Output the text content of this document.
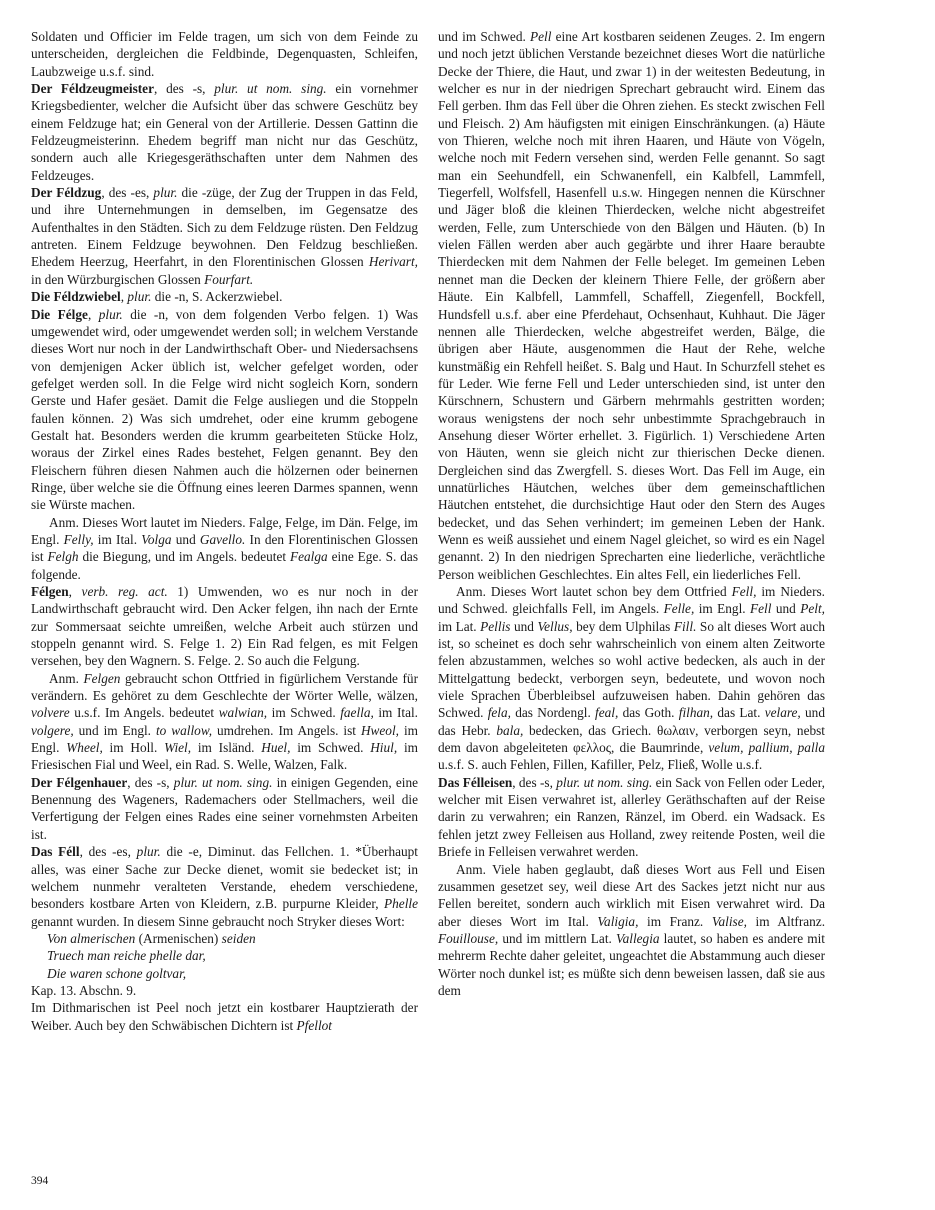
Soldaten und Officier im Felde tragen, um sich von dem Feinde zu unterscheiden, dergleichen die Feldbinde, Degenquasten, Schleifen, Laubzweige u.s.f. sind.

Der Féldzeugmeister, des -s, plur. ut nom. sing. ein vornehmer Kriegsbedienter, welcher die Aufsicht über das schwere Geschütz bey einem Feldzuge hat; ein General von der Artillerie. Dessen Gattinn die Feldzeugmeisterinn. Ehedem begriff man nicht nur das Geschütz, sondern auch alle Kriegesgeräthschaften unter dem Nahmen des Feldzeuges.

Der Féldzug, des -es, plur. die -züge, der Zug der Truppen in das Feld, und ihre Unternehmungen in demselben, im Gegensatze des Aufenthaltes in den Städten. Sich zu dem Feldzuge rüsten. Den Feldzug antreten. Einem Feldzuge beywohnen. Den Feldzug beschließen. Ehedem Heerzug, Heerfahrt, in den Florentinischen Glossen Herivart, in den Würzburgischen Glossen Fourfart.

Die Féldzwiebel, plur. die -n, S. Ackerzwiebel.

Die Félge, plur. die -n, von dem folgenden Verbo felgen. 1) Was umgewendet wird, oder umgewendet werden soll; in welchem Verstande dieses Wort nur noch in der Landwirthschaft Ober- und Niedersachsens von demjenigen Acker üblich ist, welcher gefelget worden, oder gefelget werden soll. In die Felge wird nicht sogleich Korn, sondern Gerste und Hafer gesäet. Damit die Felge ausliegen und die Stoppeln faulen können. 2) Was sich umdrehet, oder eine krumm gebogene Gestalt hat. Besonders werden die krumm gearbeiteten Stücke Holz, woraus der Zirkel eines Rades bestehet, Felgen genannt. Bey den Fleischern führen diesen Nahmen auch die hölzernen oder beinernen Ringe, über welche sie die Öffnung eines leeren Darmes spannen, wenn sie Würste machen.

Anm. Dieses Wort lautet im Nieders. Falge, Felge, im Dän. Felge, im Engl. Felly, im Ital. Volga und Gavello. In den Florentinischen Glossen ist Felgh die Biegung, und im Angels. bedeutet Fealga eine Ege. S. das folgende.

Félgen, verb. reg. act. 1) Umwenden, wo es nur noch in der Landwirthschaft gebraucht wird. Den Acker felgen, ihn nach der Ernte zur Sommersaat seichte umreißen, welche Arbeit auch stürzen und stoppeln genannt wird. S. Felge 1. 2) Ein Rad felgen, es mit Felgen versehen, bey den Wagnern. S. Felge. 2. So auch die Felgung.

Anm. Felgen gebraucht schon Ottfried in figürlichem Verstande für verändern. Es gehöret zu dem Geschlechte der Wörter Welle, wälzen, volvere u.s.f. Im Angels. bedeutet walwian, im Schwed. faella, im Ital. volgere, und im Engl. to wallow, umdrehen. Im Angels. ist Hweol, im Engl. Wheel, im Holl. Wiel, im Isländ. Huel, im Schwed. Hiul, im Friesischen Fial und Weel, ein Rad. S. Welle, Walzen, Falk.

Der Félgenhauer, des -s, plur. ut nom. sing. in einigen Gegenden, eine Benennung des Wageners, Rademachers oder Stellmachers, weil die Verfertigung der Felgen eines Rades eine seiner vornehmsten Arbeiten ist.

Das Féll, des -es, plur. die -e, Diminut. das Fellchen. 1. *Überhaupt alles, was einer Sache zur Decke dienet, womit sie bedecket ist; in welchem nunmehr veralteten Verstande, ehedem verschiedene, besonders kostbare Arten von Kleidern, z.B. purpurne Kleider, Phelle genannt wurden. In diesem Sinne gebraucht noch Stryker dieses Wort:

Von almerischen (Armenischen) seiden

Truech man reiche phelle dar,

Die waren schone goltvar,

Kap. 13. Abschn. 9.

Im Dithmarischen ist Peel noch jetzt ein kostbarer Hauptzierath der Weiber. Auch bey den Schwäbischen Dichtern ist Pfellot

und im Schwed. Pell eine Art kostbaren seidenen Zeuges. 2. Im engern und noch jetzt üblichen Verstande bezeichnet dieses Wort die natürliche Decke der Thiere, die Haut, und zwar 1) in der weitesten Bedeutung, in welcher es nur in der niedrigen Sprechart gebraucht wird. Einem das Fell gerben. Ihm das Fell über die Ohren ziehen. Es steckt zwischen Fell und Fleisch. 2) Am häufigsten mit einigen Einschränkungen. (a) Häute von Thieren, welche noch mit ihren Haaren, und Häute von Vögeln, welche noch mit Federn versehen sind, werden Felle genannt. So sagt man ein Seehundfell, ein Schwanenfell, ein Kalbfell, Lammfell, Tiegerfell, Wolfsfell, Hasenfell u.s.w. Hingegen nennen die Kürschner und Jäger bloß die kleinen Thierdecken, welche nicht abgestreifet werden, Felle, zum Unterschiede von den Bälgen und Häuten. (b) In vielen Fällen werden aber auch gegärbte und ihrer Haare beraubte Thierdecken mit dem Nahmen der Felle beleget. Im gemeinen Leben nennet man die Decken der kleinern Thiere Felle, der größern aber Häute. Ein Kalbfell, Lammfell, Schaffell, Ziegenfell, Bockfell, Hundsfell u.s.f. aber eine Pferdehaut, Ochsenhaut, Kuhhaut. Die Jäger nennen alle Thierdecken, welche abgestreifet werden, Bälge, die übrigen aber Häute, ausgenommen die Haut der Rehe, welche kunstmäßig ein Rehfell heißet. S. Balg und Haut. In Schurzfell stehet es für Leder. Wie ferne Fell und Leder unterschieden sind, ist unter den Kürschnern, Schustern und Gärbern mehrmahls gestritten worden; woraus wenigstens der noch sehr unbestimmte Sprachgebrauch in Ansehung dieser Wörter erhellet. 3. Figürlich. 1) Verschiedene Arten von Häuten, wenn sie gleich nicht zur thierischen Decke dienen. Dergleichen sind das Zwergfell. S. dieses Wort. Das Fell im Auge, ein unnatürliches Häutchen, welches über dem gemeinschaftlichen Häutchen entstehet, die durchsichtige Haut oder den Stern des Auges bedecket, und das Sehen verhindert; im gemeinen Leben der Hank. Wenn es weiß aussiehet und einem Nagel gleichet, so wird es ein Nagel genannt. 2) In den niedrigen Sprecharten eine liederliche, verächtliche Person weiblichen Geschlechtes. Ein altes Fell, ein liederliches Fell.

Anm. Dieses Wort lautet schon bey dem Ottfried Fell, im Nieders. und Schwed. gleichfalls Fell, im Angels. Felle, im Engl. Fell und Pelt, im Lat. Pellis und Vellus, bey dem Ulphilas Fill. So alt dieses Wort auch ist, so scheinet es doch sehr wahrscheinlich von einem alten Zeitworte felen abzustammen, welches so wohl active bedecken, als auch in der Mittelgattung bedeckt, verborgen seyn, bedeutete, und wovon noch viele Sprachen Überbleibsel aufzuweisen haben. Dahin gehören das Schwed. fela, das Nordengl. feal, das Goth. filhan, das Lat. velare, und das Hebr. bala, bedecken, das Griech. θωλαιν, verborgen seyn, nebst dem davon abgeleiteten φελλος, die Baumrinde, velum, pallium, palla u.s.f. S. auch Fehlen, Fillen, Kafiller, Pelz, Fließ, Wolle u.s.f.

Das Félleisen, des -s, plur. ut nom. sing. ein Sack von Fellen oder Leder, welcher mit Eisen verwahret ist, allerley Geräthschaften auf der Reise darin zu verwahren; ein Ranzen, Ränzel, im Oberd. ein Wadsack. Es fehlen jetzt zwey Felleisen aus Holland, zwey reitende Posten, weil die Briefe in Felleisen verwahret werden.

Anm. Viele haben geglaubt, daß dieses Wort aus Fell und Eisen zusammen gesetzet sey, weil diese Art des Sackes jetzt nicht nur aus Fellen bereitet, sondern auch wirklich mit Eisen verwahret wird. Da aber dieses Wort im Ital. Valigia, im Franz. Valise, im Altfranz. Fouillouse, und im mittlern Lat. Vallegia lautet, so haben es andere mit mehrerm Rechte daher geleitet, ungeachtet die Abstammung auch dieser Wörter noch dunkel ist; es müßte sich denn beweisen lassen, daß sie aus dem

394
